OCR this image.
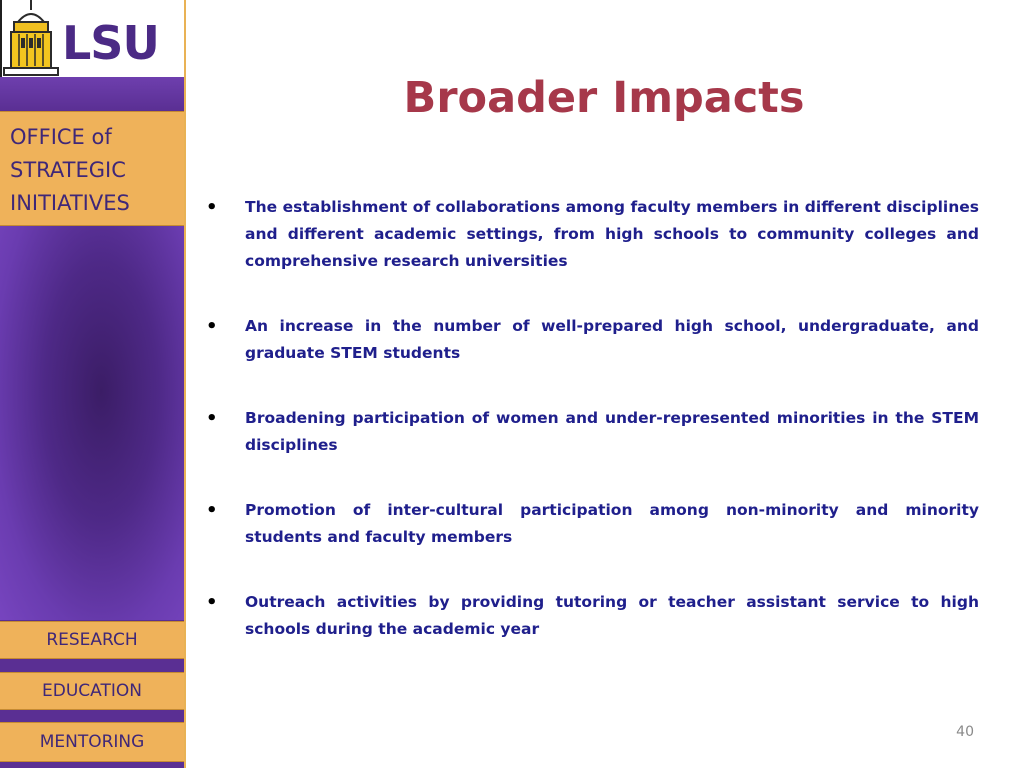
LSU
OFFICE of
STRATEGIC
INITIATIVES
RESEARCH
EDUCATION
MENTORING
Broader Impacts
• The establishment of collaborations among faculty members in different disciplines and different academic settings, from high schools to community colleges and comprehensive research universities
• An increase in the number of well-prepared high school, undergraduate, and graduate STEM students
• Broadening participation of women and under-represented minorities in the STEM disciplines
• Promotion of inter-cultural participation among non-minority and minority students and faculty members
• Outreach activities by providing tutoring or teacher assistant service to high schools during the academic year
40
